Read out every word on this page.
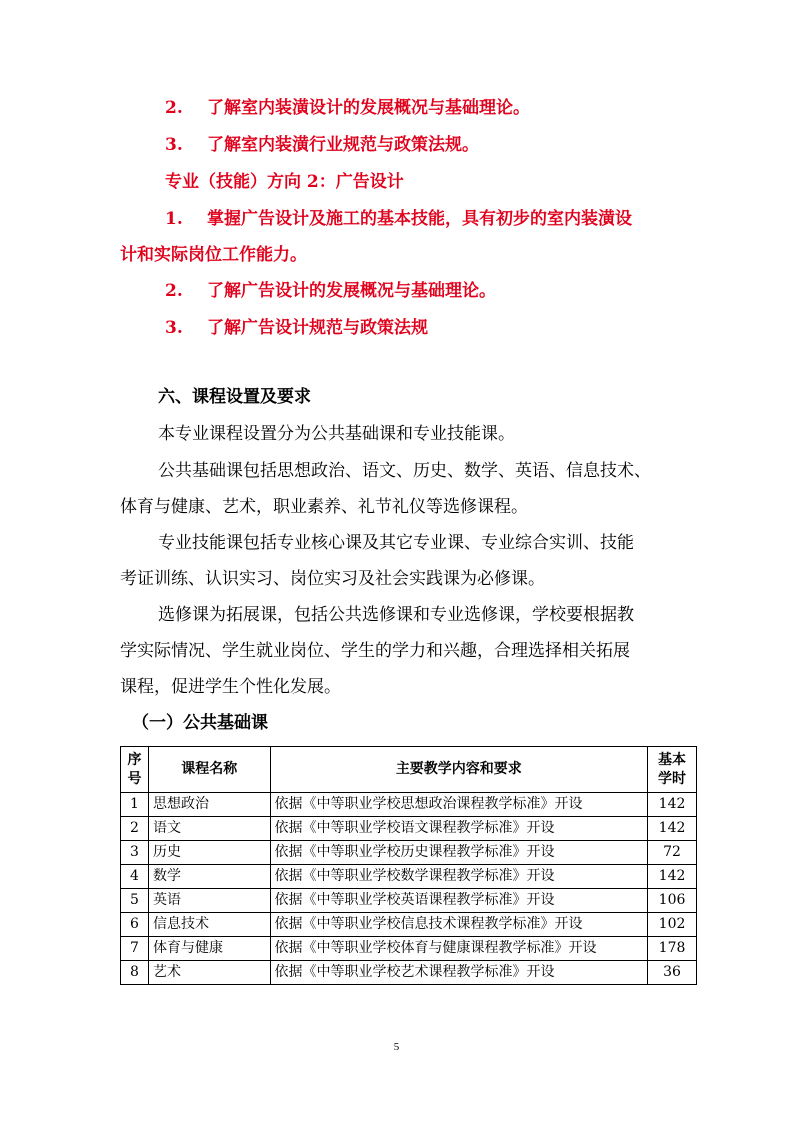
2. 了解室内装潢设计的发展概况与基础理论。
3. 了解室内装潢行业规范与政策法规。
专业（技能）方向 2：广告设计
1. 掌握广告设计及施工的基本技能，具有初步的室内装潢设
计和实际岗位工作能力。
2. 了解广告设计的发展概况与基础理论。
3. 了解广告设计规范与政策法规
六、课程设置及要求
本专业课程设置分为公共基础课和专业技能课。
公共基础课包括思想政治、语文、历史、数学、英语、信息技术、
体育与健康、艺术，职业素养、礼节礼仪等选修课程。
专业技能课包括专业核心课及其它专业课、专业综合实训、技能
考证训练、认识实习、岗位实习及社会实践课为必修课。
选修课为拓展课，包括公共选修课和专业选修课，学校要根据教
学实际情况、学生就业岗位、学生的学力和兴趣，合理选择相关拓展
课程，促进学生个性化发展。
（一）公共基础课
序
号	课程名称	主要教学内容和要求	基本
学时
1	思想政治	依据《中等职业学校思想政治课程教学标准》开设	142
2	语文	依据《中等职业学校语文课程教学标准》开设	142
3	历史	依据《中等职业学校历史课程教学标准》开设	72
4	数学	依据《中等职业学校数学课程教学标准》开设	142
5	英语	依据《中等职业学校英语课程教学标准》开设	106
6	信息技术	依据《中等职业学校信息技术课程教学标准》开设	102
7	体育与健康	依据《中等职业学校体育与健康课程教学标准》开设	178
8	艺术	依据《中等职业学校艺术课程教学标准》开设	36
5
